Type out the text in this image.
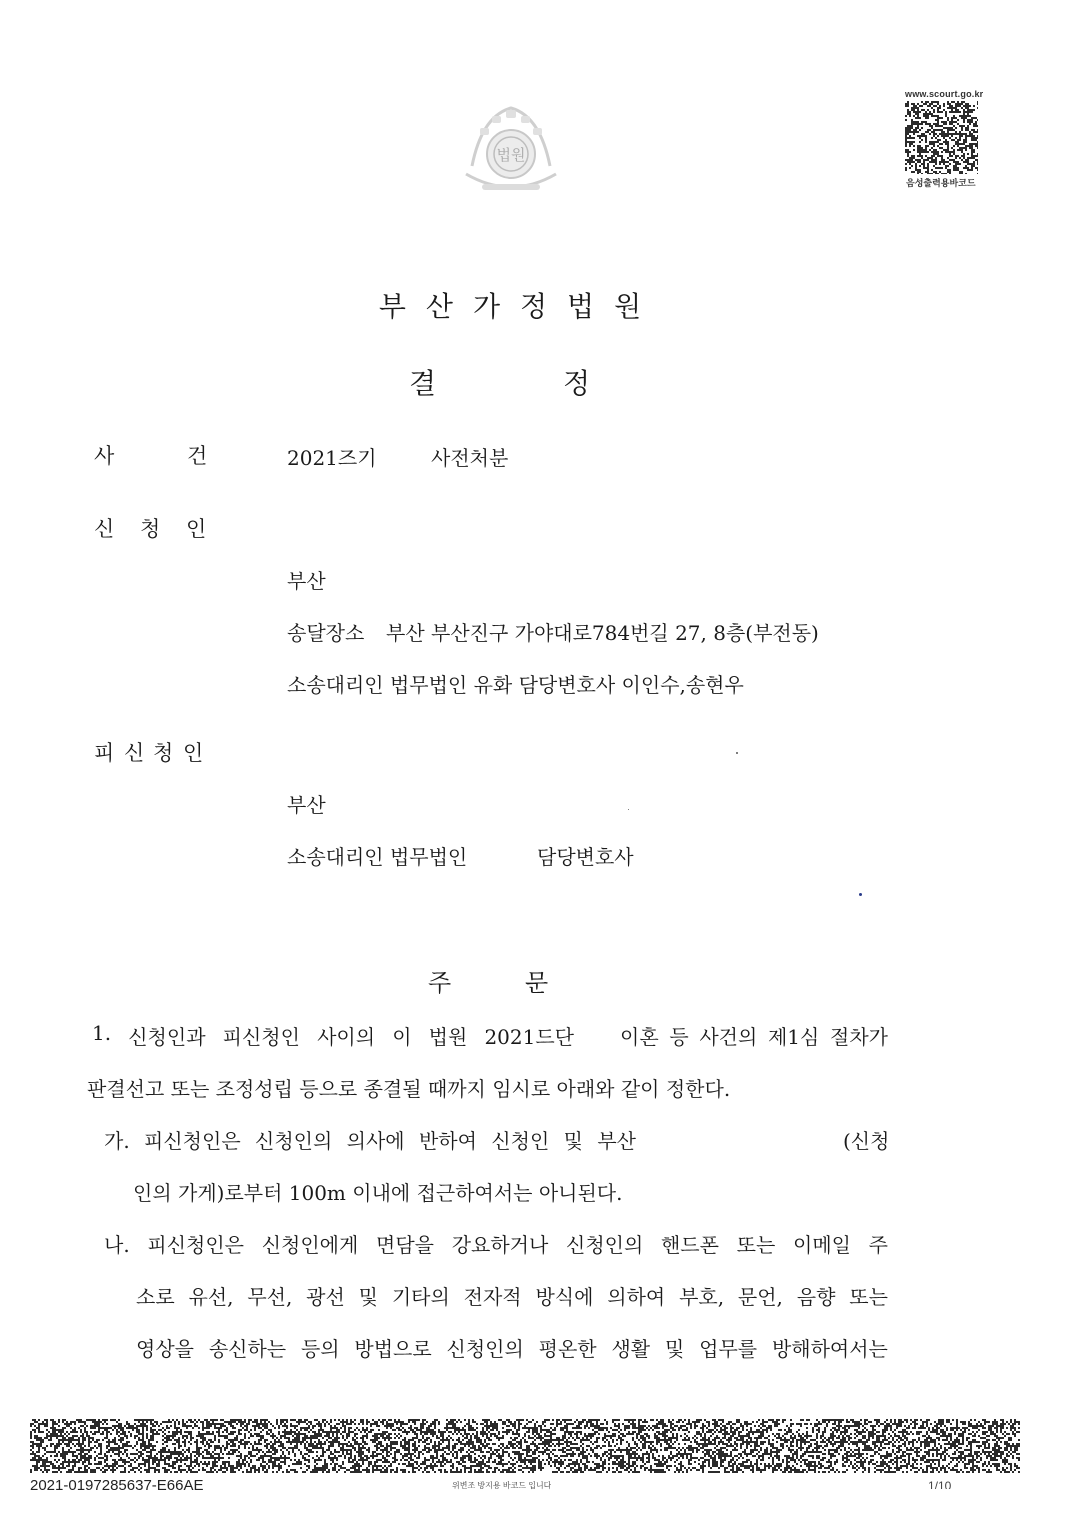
법원
www.scourt.go.kr
음성출력용바코드
부산가정법원
결	정
사	건	2021즈기	사전처분
신 청 인
부산
송달장소 부산 부산진구 가야대로784번길 27, 8층(부전동)
소송대리인 법무법인 유화 담당변호사 이인수,송현우
피 신 청 인
부산
소송대리인 법무법인	담당변호사
주	문
1. 신청인과 피신청인 사이의 이 법원 2021드단 이혼 등 사건의 제1심 절차가
판결선고 또는 조정성립 등으로 종결될 때까지 임시로 아래와 같이 정한다.
가. 피신청인은 신청인의 의사에 반하여 신청인 및 부산	(신청
인의 가게)로부터 100m 이내에 접근하여서는 아니된다.
나. 피신청인은 신청인에게 면담을 강요하거나 신청인의 핸드폰 또는 이메일 주
소로 유선, 무선, 광선 및 기타의 전자적 방식에 의하여 부호, 문언, 음향 또는
영상을 송신하는 등의 방법으로 신청인의 평온한 생활 및 업무를 방해하여서는
2021-0197285637-E66AE	위변조 방지용 바코드 입니다	1/10
